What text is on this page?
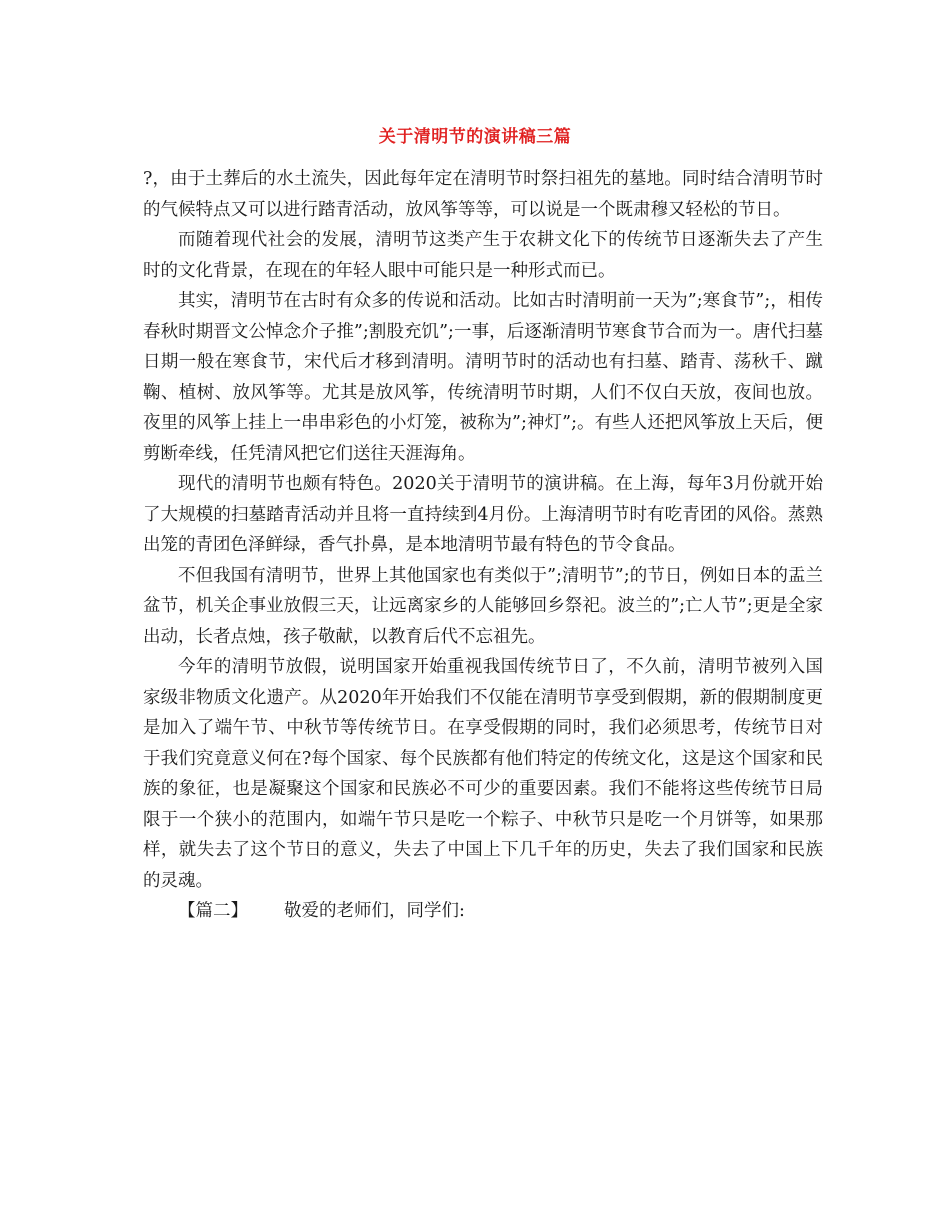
关于清明节的演讲稿三篇

?，由于土葬后的水土流失，因此每年定在清明节时祭扫祖先的墓地。同时结合清明节时的气候特点又可以进行踏青活动，放风筝等等，可以说是一个既肃穆又轻松的节日。

而随着现代社会的发展，清明节这类产生于农耕文化下的传统节日逐渐失去了产生时的文化背景，在现在的年轻人眼中可能只是一种形式而已。

其实，清明节在古时有众多的传说和活动。比如古时清明前一天为”;寒食节”;，相传春秋时期晋文公悼念介子推”;割股充饥”;一事，后逐渐清明节寒食节合而为一。唐代扫墓日期一般在寒食节，宋代后才移到清明。清明节时的活动也有扫墓、踏青、荡秋千、蹴鞠、植树、放风筝等。尤其是放风筝，传统清明节时期，人们不仅白天放，夜间也放。夜里的风筝上挂上一串串彩色的小灯笼，被称为”;神灯”;。有些人还把风筝放上天后，便剪断牵线，任凭清风把它们送往天涯海角。

现代的清明节也颇有特色。2020关于清明节的演讲稿。在上海，每年3月份就开始了大规模的扫墓踏青活动并且将一直持续到4月份。上海清明节时有吃青团的风俗。蒸熟出笼的青团色泽鲜绿，香气扑鼻，是本地清明节最有特色的节令食品。

不但我国有清明节，世界上其他国家也有类似于”;清明节”;的节日，例如日本的盂兰盆节，机关企事业放假三天，让远离家乡的人能够回乡祭祀。波兰的”;亡人节”;更是全家出动，长者点烛，孩子敬献，以教育后代不忘祖先。

今年的清明节放假，说明国家开始重视我国传统节日了，不久前，清明节被列入国家级非物质文化遗产。从2020年开始我们不仅能在清明节享受到假期，新的假期制度更是加入了端午节、中秋节等传统节日。在享受假期的同时，我们必须思考，传统节日对于我们究竟意义何在?每个国家、每个民族都有他们特定的传统文化，这是这个国家和民族的象征，也是凝聚这个国家和民族必不可少的重要因素。我们不能将这些传统节日局限于一个狭小的范围内，如端午节只是吃一个粽子、中秋节只是吃一个月饼等，如果那样，就失去了这个节日的意义，失去了中国上下几千年的历史，失去了我们国家和民族的灵魂。

【篇二】 敬爱的老师们，同学们:
